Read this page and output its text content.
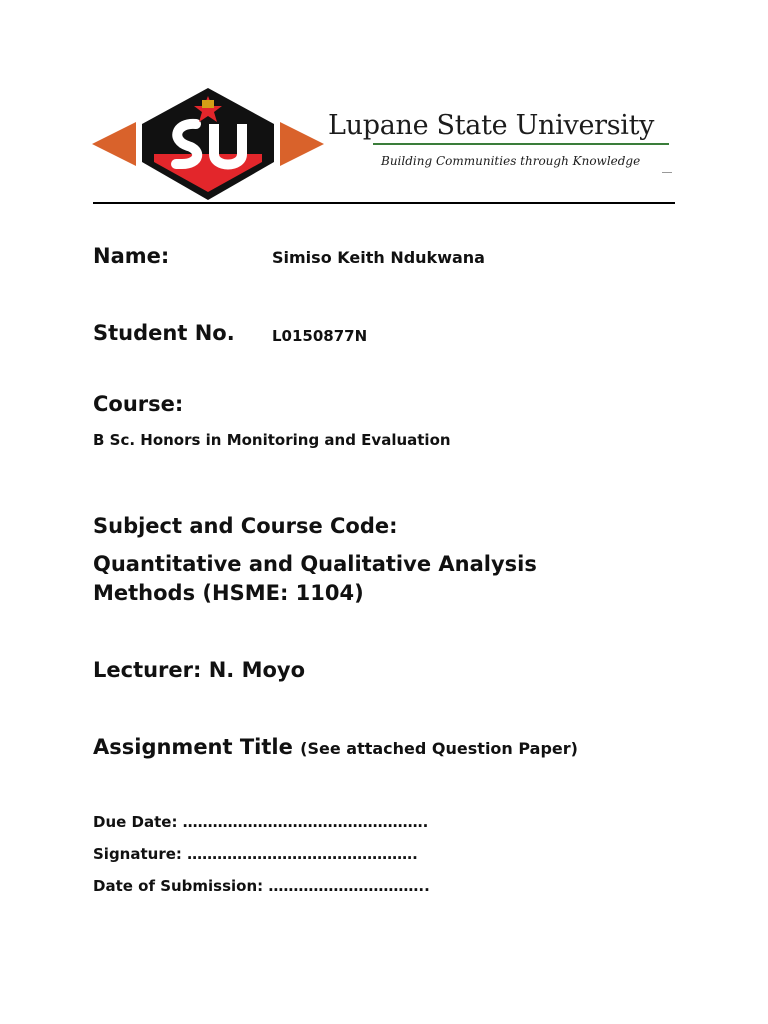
Lupane State University

Building Communities through Knowledge

Name:	Simiso Keith Ndukwana

Student No. L0150877N

Course:

B Sc. Honors in Monitoring and Evaluation

Subject and Course Code:

Quantitative and Qualitative Analysis

Methods (HSME: 1104)

Lecturer: N. Moyo

Assignment Title (See attached Question Paper)

Due Date: ………………………………………….

Signature: ……………………………………….

Date of Submission: …………………………..
